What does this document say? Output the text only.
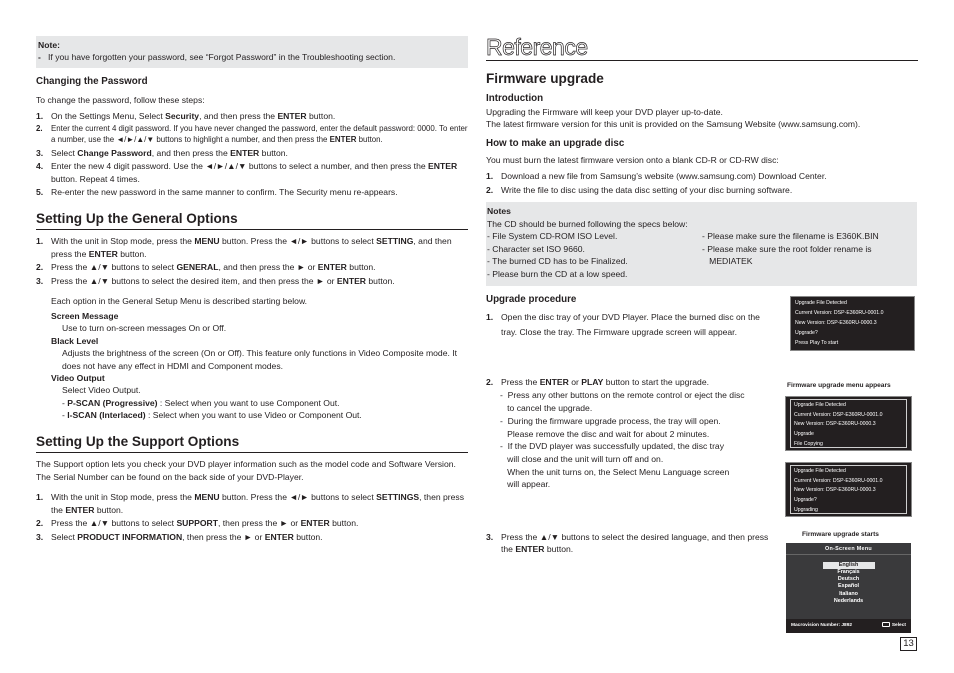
Note:
- If you have forgotten your password, see “Forgot Password” in the Troubleshooting section.
Changing the Password
To change the password, follow these steps:
1. On the Settings Menu, Select Security, and then press the ENTER button.
2. Enter the current 4 digit password. If you have never changed the password, enter the default password: 0000. To enter a number, use the ◄/►/▲/▼ buttons to highlight a number, and then press the ENTER button.
3. Select Change Password, and then press the ENTER button.
4. Enter the new 4 digit password. Use the ◄/►/▲/▼ buttons to select a number, and then press the ENTER button. Repeat 4 times.
5. Re-enter the new password in the same manner to confirm. The Security menu re-appears.
Setting Up the General Options
1. With the unit in Stop mode, press the MENU button. Press the ◄/► buttons to select SETTING, and then press the ENTER button.
2. Press the ▲/▼ buttons to select GENERAL, and then press the ► or ENTER button.
3. Press the ▲/▼ buttons to select the desired item, and then press the ► or ENTER button.
Each option in the General Setup Menu is described starting below.
Screen Message
Use to turn on-screen messages On or Off.
Black Level
Adjusts the brightness of the screen (On or Off). This feature only functions in Video Composite mode. It does not have any effect in HDMI and Component modes.
Video Output
Select Video Output.
- P-SCAN (Progressive) : Select when you want to use Component Out.
- I-SCAN (Interlaced) : Select when you want to use Video or Component Out.
Setting Up the Support Options
The Support option lets you check your DVD player information such as the model code and Software Version. The Serial Number can be found on the back side of your DVD-Player.
1. With the unit in Stop mode, press the MENU button. Press the ◄/► buttons to select SETTINGS, then press the ENTER button.
2. Press the ▲/▼ buttons to select SUPPORT, then press the ► or ENTER button.
3. Select PRODUCT INFORMATION, then press the ► or ENTER button.
Reference
Firmware upgrade
Introduction
Upgrading the Firmware will keep your DVD player up-to-date.
The latest firmware version for this unit is provided on the Samsung Website (www.samsung.com).
How to make an upgrade disc
You must burn the latest firmware version onto a blank CD-R or CD-RW disc:
1. Download a new file from Samsung’s website (www.samsung.com) Download Center.
2. Write the file to disc using the data disc setting of your disc burning software.
Notes
The CD should be burned following the specs below:
- File System CD-ROM ISO Level.
- Character set ISO 9660.
- The burned CD has to be Finalized.
- Please burn the CD at a low speed.
- Please make sure the filename is E360K.BIN
- Please make sure the root folder rename is
MEDIATEK
Upgrade procedure
1. Open the disc tray of your DVD Player. Place the burned disc on the tray. Close the tray. The Firmware upgrade screen will appear.
2. Press the ENTER or PLAY button to start the upgrade.
-  Press any other buttons on the remote control or eject the disc
to cancel the upgrade.
-  During the firmware upgrade process, the tray will open.
Please remove the disc and wait for about 2 minutes.
-  If the DVD player was successfully updated, the disc tray
will close and the unit will turn off and on.
When the unit turns on, the Select Menu Language screen
will appear.
3. Press the ▲/▼ buttons to select the desired language, and then press the ENTER button.
Upgrade File Detected
Current Version: DSP-E360RU-0001.0
New Version: DSP-E360RU-0000.3
Upgrade?
Press Play To start
Firmware upgrade menu appears
Upgrade File Detected
Current Version: DSP-E360RU-0001.0
New Version: DSP-E360RU-0000.3
Upgrade
File Copying
Upgrade File Detected
Current Version: DSP-E360RU-0001.0
New Version: DSP-E360RU-0000.3
Upgrade?
Upgrading
Firmware upgrade starts
On-Screen Menu
English
Français
Deutsch
Español
Italiano
Nederlands
Macrovision Number: J892	Select
13
